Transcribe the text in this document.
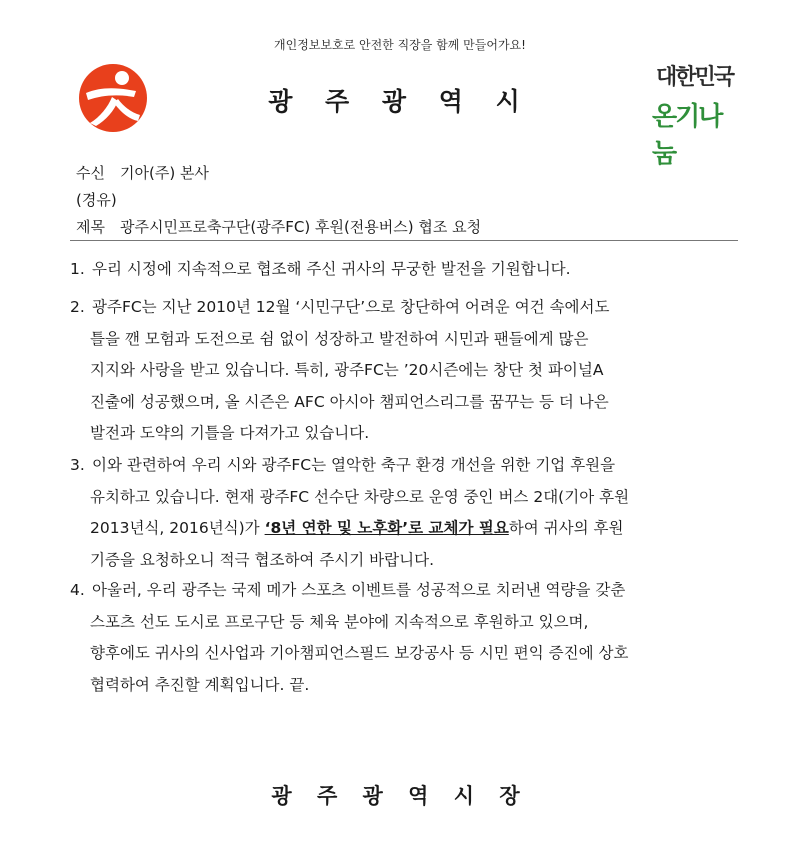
개인정보보호로 안전한 직장을 함께 만들어가요!
광 주 광 역 시
대한민국
온기나눔
수신 기아(주) 본사
(경유)
제목 광주시민프로축구단(광주FC) 후원(전용버스) 협조 요청
1. 우리 시정에 지속적으로 협조해 주신 귀사의 무궁한 발전을 기원합니다.
2. 광주FC는 지난 2010년 12월 ‘시민구단’으로 창단하여 어려운 여건 속에서도
틀을 깬 모험과 도전으로 쉼 없이 성장하고 발전하여 시민과 팬들에게 많은
지지와 사랑을 받고 있습니다. 특히, 광주FC는 ’20시즌에는 창단 첫 파이널A
진출에 성공했으며, 올 시즌은 AFC 아시아 챔피언스리그를 꿈꾸는 등 더 나은
발전과 도약의 기틀을 다져가고 있습니다.
3. 이와 관련하여 우리 시와 광주FC는 열악한 축구 환경 개선을 위한 기업 후원을
유치하고 있습니다. 현재 광주FC 선수단 차량으로 운영 중인 버스 2대(기아 후원
2013년식, 2016년식)가 ‘8년 연한 및 노후화’로 교체가 필요하여 귀사의 후원
기증을 요청하오니 적극 협조하여 주시기 바랍니다.
4. 아울러, 우리 광주는 국제 메가 스포츠 이벤트를 성공적으로 치러낸 역량을 갖춘
스포츠 선도 도시로 프로구단 등 체육 분야에 지속적으로 후원하고 있으며,
향후에도 귀사의 신사업과 기아챔피언스필드 보강공사 등 시민 편익 증진에 상호
협력하여 추진할 계획입니다. 끝.
광 주 광 역 시 장
